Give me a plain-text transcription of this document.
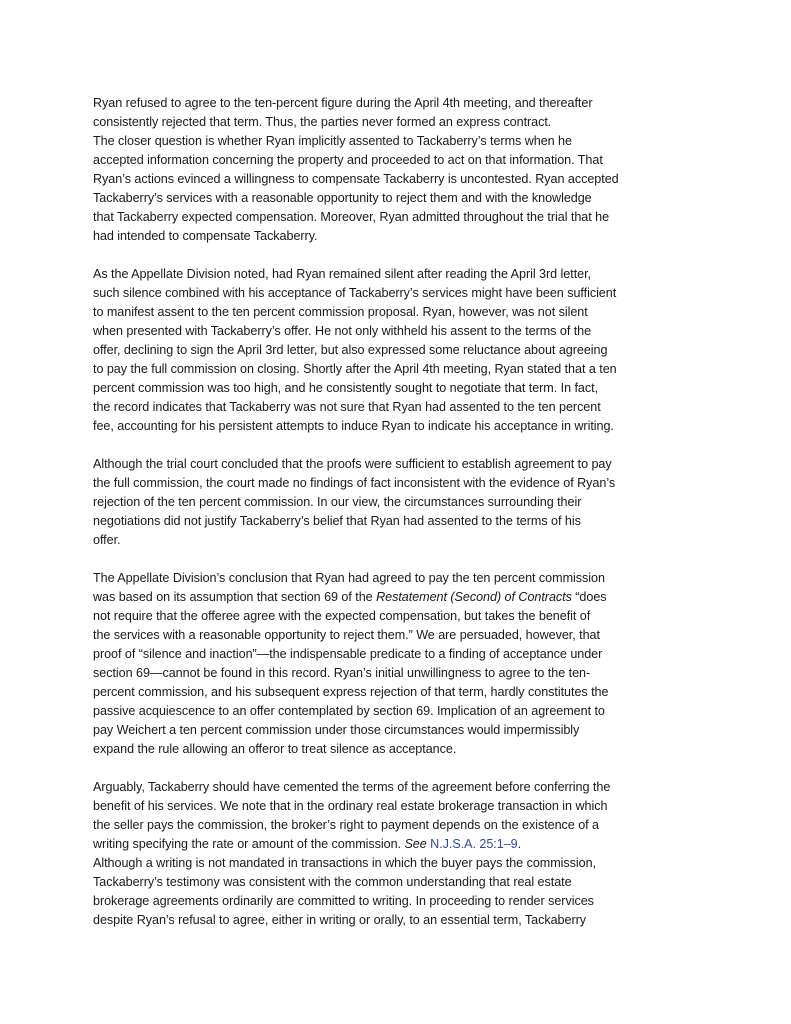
Ryan refused to agree to the ten-percent figure during the April 4th meeting, and thereafter
consistently rejected that term. Thus, the parties never formed an express contract.

The closer question is whether Ryan implicitly assented to Tackaberry’s terms when he
accepted information concerning the property and proceeded to act on that information. That
Ryan’s actions evinced a willingness to compensate Tackaberry is uncontested. Ryan accepted
Tackaberry’s services with a reasonable opportunity to reject them and with the knowledge
that Tackaberry expected compensation. Moreover, Ryan admitted throughout the trial that he
had intended to compensate Tackaberry.

As the Appellate Division noted, had Ryan remained silent after reading the April 3rd letter,
such silence combined with his acceptance of Tackaberry’s services might have been sufficient
to manifest assent to the ten percent commission proposal. Ryan, however, was not silent
when presented with Tackaberry’s offer. He not only withheld his assent to the terms of the
offer, declining to sign the April 3rd letter, but also expressed some reluctance about agreeing
to pay the full commission on closing. Shortly after the April 4th meeting, Ryan stated that a ten
percent commission was too high, and he consistently sought to negotiate that term. In fact,
the record indicates that Tackaberry was not sure that Ryan had assented to the ten percent
fee, accounting for his persistent attempts to induce Ryan to indicate his acceptance in writing.

Although the trial court concluded that the proofs were sufficient to establish agreement to pay
the full commission, the court made no findings of fact inconsistent with the evidence of Ryan’s
rejection of the ten percent commission. In our view, the circumstances surrounding their
negotiations did not justify Tackaberry’s belief that Ryan had assented to the terms of his
offer.

The Appellate Division’s conclusion that Ryan had agreed to pay the ten percent commission
was based on its assumption that section 69 of the Restatement (Second) of Contracts “does
not require that the offeree agree with the expected compensation, but takes the benefit of
the services with a reasonable opportunity to reject them.” We are persuaded, however, that
proof of “silence and inaction”—the indispensable predicate to a finding of acceptance under
section 69—cannot be found in this record. Ryan’s initial unwillingness to agree to the ten-
percent commission, and his subsequent express rejection of that term, hardly constitutes the
passive acquiescence to an offer contemplated by section 69. Implication of an agreement to
pay Weichert a ten percent commission under those circumstances would impermissibly
expand the rule allowing an offeror to treat silence as acceptance.

Arguably, Tackaberry should have cemented the terms of the agreement before conferring the
benefit of his services. We note that in the ordinary real estate brokerage transaction in which
the seller pays the commission, the broker’s right to payment depends on the existence of a
writing specifying the rate or amount of the commission. See N.J.S.A. 25:1–9.
Although a writing is not mandated in transactions in which the buyer pays the commission,
Tackaberry’s testimony was consistent with the common understanding that real estate
brokerage agreements ordinarily are committed to writing. In proceeding to render services
despite Ryan’s refusal to agree, either in writing or orally, to an essential term, Tackaberry
